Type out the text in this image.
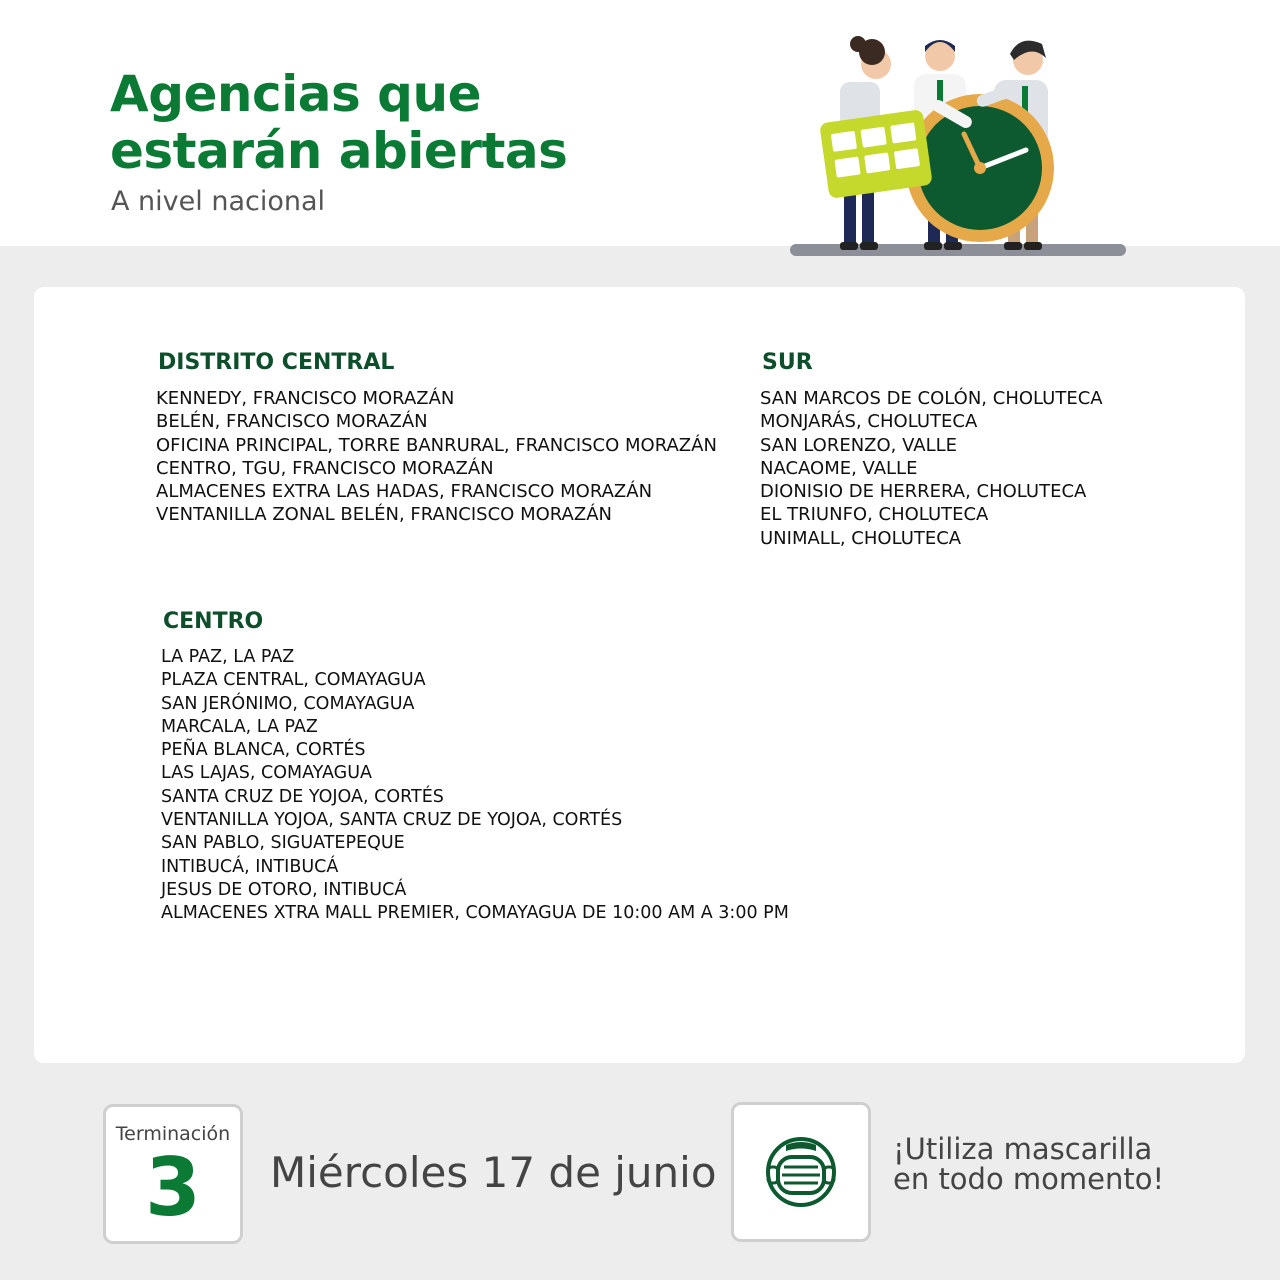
Agencias que
estarán abiertas
A nivel nacional
DISTRITO CENTRAL
KENNEDY, FRANCISCO MORAZÁN
BELÉN, FRANCISCO MORAZÁN
OFICINA PRINCIPAL, TORRE BANRURAL, FRANCISCO MORAZÁN
CENTRO, TGU, FRANCISCO MORAZÁN
ALMACENES EXTRA LAS HADAS, FRANCISCO MORAZÁN
VENTANILLA ZONAL BELÉN, FRANCISCO MORAZÁN
SUR
SAN MARCOS DE COLÓN, CHOLUTECA
MONJARÁS, CHOLUTECA
SAN LORENZO, VALLE
NACAOME, VALLE
DIONISIO DE HERRERA, CHOLUTECA
EL TRIUNFO, CHOLUTECA
UNIMALL, CHOLUTECA
CENTRO
LA PAZ, LA PAZ
PLAZA CENTRAL, COMAYAGUA
SAN JERÓNIMO, COMAYAGUA
MARCALA, LA PAZ
PEÑA BLANCA, CORTÉS
LAS LAJAS, COMAYAGUA
SANTA CRUZ DE YOJOA, CORTÉS
VENTANILLA YOJOA, SANTA CRUZ DE YOJOA, CORTÉS
SAN PABLO, SIGUATEPEQUE
INTIBUCÁ, INTIBUCÁ
JESUS DE OTORO, INTIBUCÁ
ALMACENES XTRA MALL PREMIER, COMAYAGUA DE 10:00 AM A 3:00 PM
Terminación
3	Miércoles 17 de junio	¡Utiliza mascarilla
en todo momento!
